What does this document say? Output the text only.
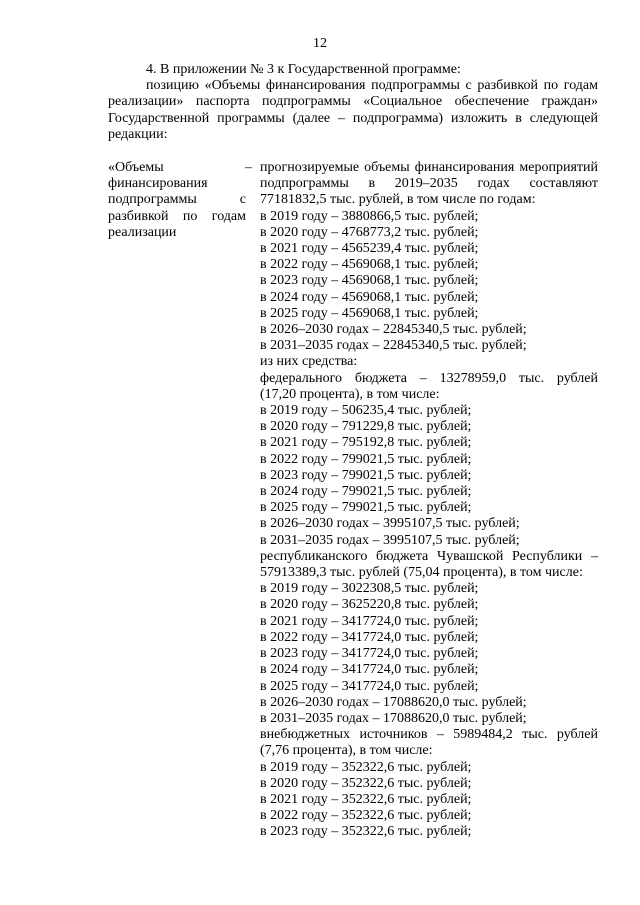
12

4. В приложении № 3 к Государственной программе:

позицию «Объемы финансирования подпрограммы с разбивкой по годам реализации» паспорта подпрограммы «Социальное обеспечение граждан» Государственной программы (далее – подпрограмма) изложить в следующей редакции:

«Объемы финансирования подпрограммы с разбивкой по годам реализации
– прогнозируемые объемы финансирования мероприятий
подпрограммы в 2019–2035 годах составляют
77181832,5 тыс. рублей, в том числе по годам:
в 2019 году – 3880866,5 тыс. рублей;
в 2020 году – 4768773,2 тыс. рублей;
в 2021 году – 4565239,4 тыс. рублей;
в 2022 году – 4569068,1 тыс. рублей;
в 2023 году – 4569068,1 тыс. рублей;
в 2024 году – 4569068,1 тыс. рублей;
в 2025 году – 4569068,1 тыс. рублей;
в 2026–2030 годах – 22845340,5 тыс. рублей;
в 2031–2035 годах – 22845340,5 тыс. рублей;
из них средства:
федерального бюджета – 13278959,0 тыс. рублей
(17,20 процента), в том числе:
в 2019 году – 506235,4 тыс. рублей;
в 2020 году – 791229,8 тыс. рублей;
в 2021 году – 795192,8 тыс. рублей;
в 2022 году – 799021,5 тыс. рублей;
в 2023 году – 799021,5 тыс. рублей;
в 2024 году – 799021,5 тыс. рублей;
в 2025 году – 799021,5 тыс. рублей;
в 2026–2030 годах – 3995107,5 тыс. рублей;
в 2031–2035 годах – 3995107,5 тыс. рублей;
республиканского бюджета Чувашской Республики –
57913389,3 тыс. рублей (75,04 процента), в том числе:
в 2019 году – 3022308,5 тыс. рублей;
в 2020 году – 3625220,8 тыс. рублей;
в 2021 году – 3417724,0 тыс. рублей;
в 2022 году – 3417724,0 тыс. рублей;
в 2023 году – 3417724,0 тыс. рублей;
в 2024 году – 3417724,0 тыс. рублей;
в 2025 году – 3417724,0 тыс. рублей;
в 2026–2030 годах – 17088620,0 тыс. рублей;
в 2031–2035 годах – 17088620,0 тыс. рублей;
внебюджетных источников – 5989484,2 тыс. рублей
(7,76 процента), в том числе:
в 2019 году – 352322,6 тыс. рублей;
в 2020 году – 352322,6 тыс. рублей;
в 2021 году – 352322,6 тыс. рублей;
в 2022 году – 352322,6 тыс. рублей;
в 2023 году – 352322,6 тыс. рублей;
